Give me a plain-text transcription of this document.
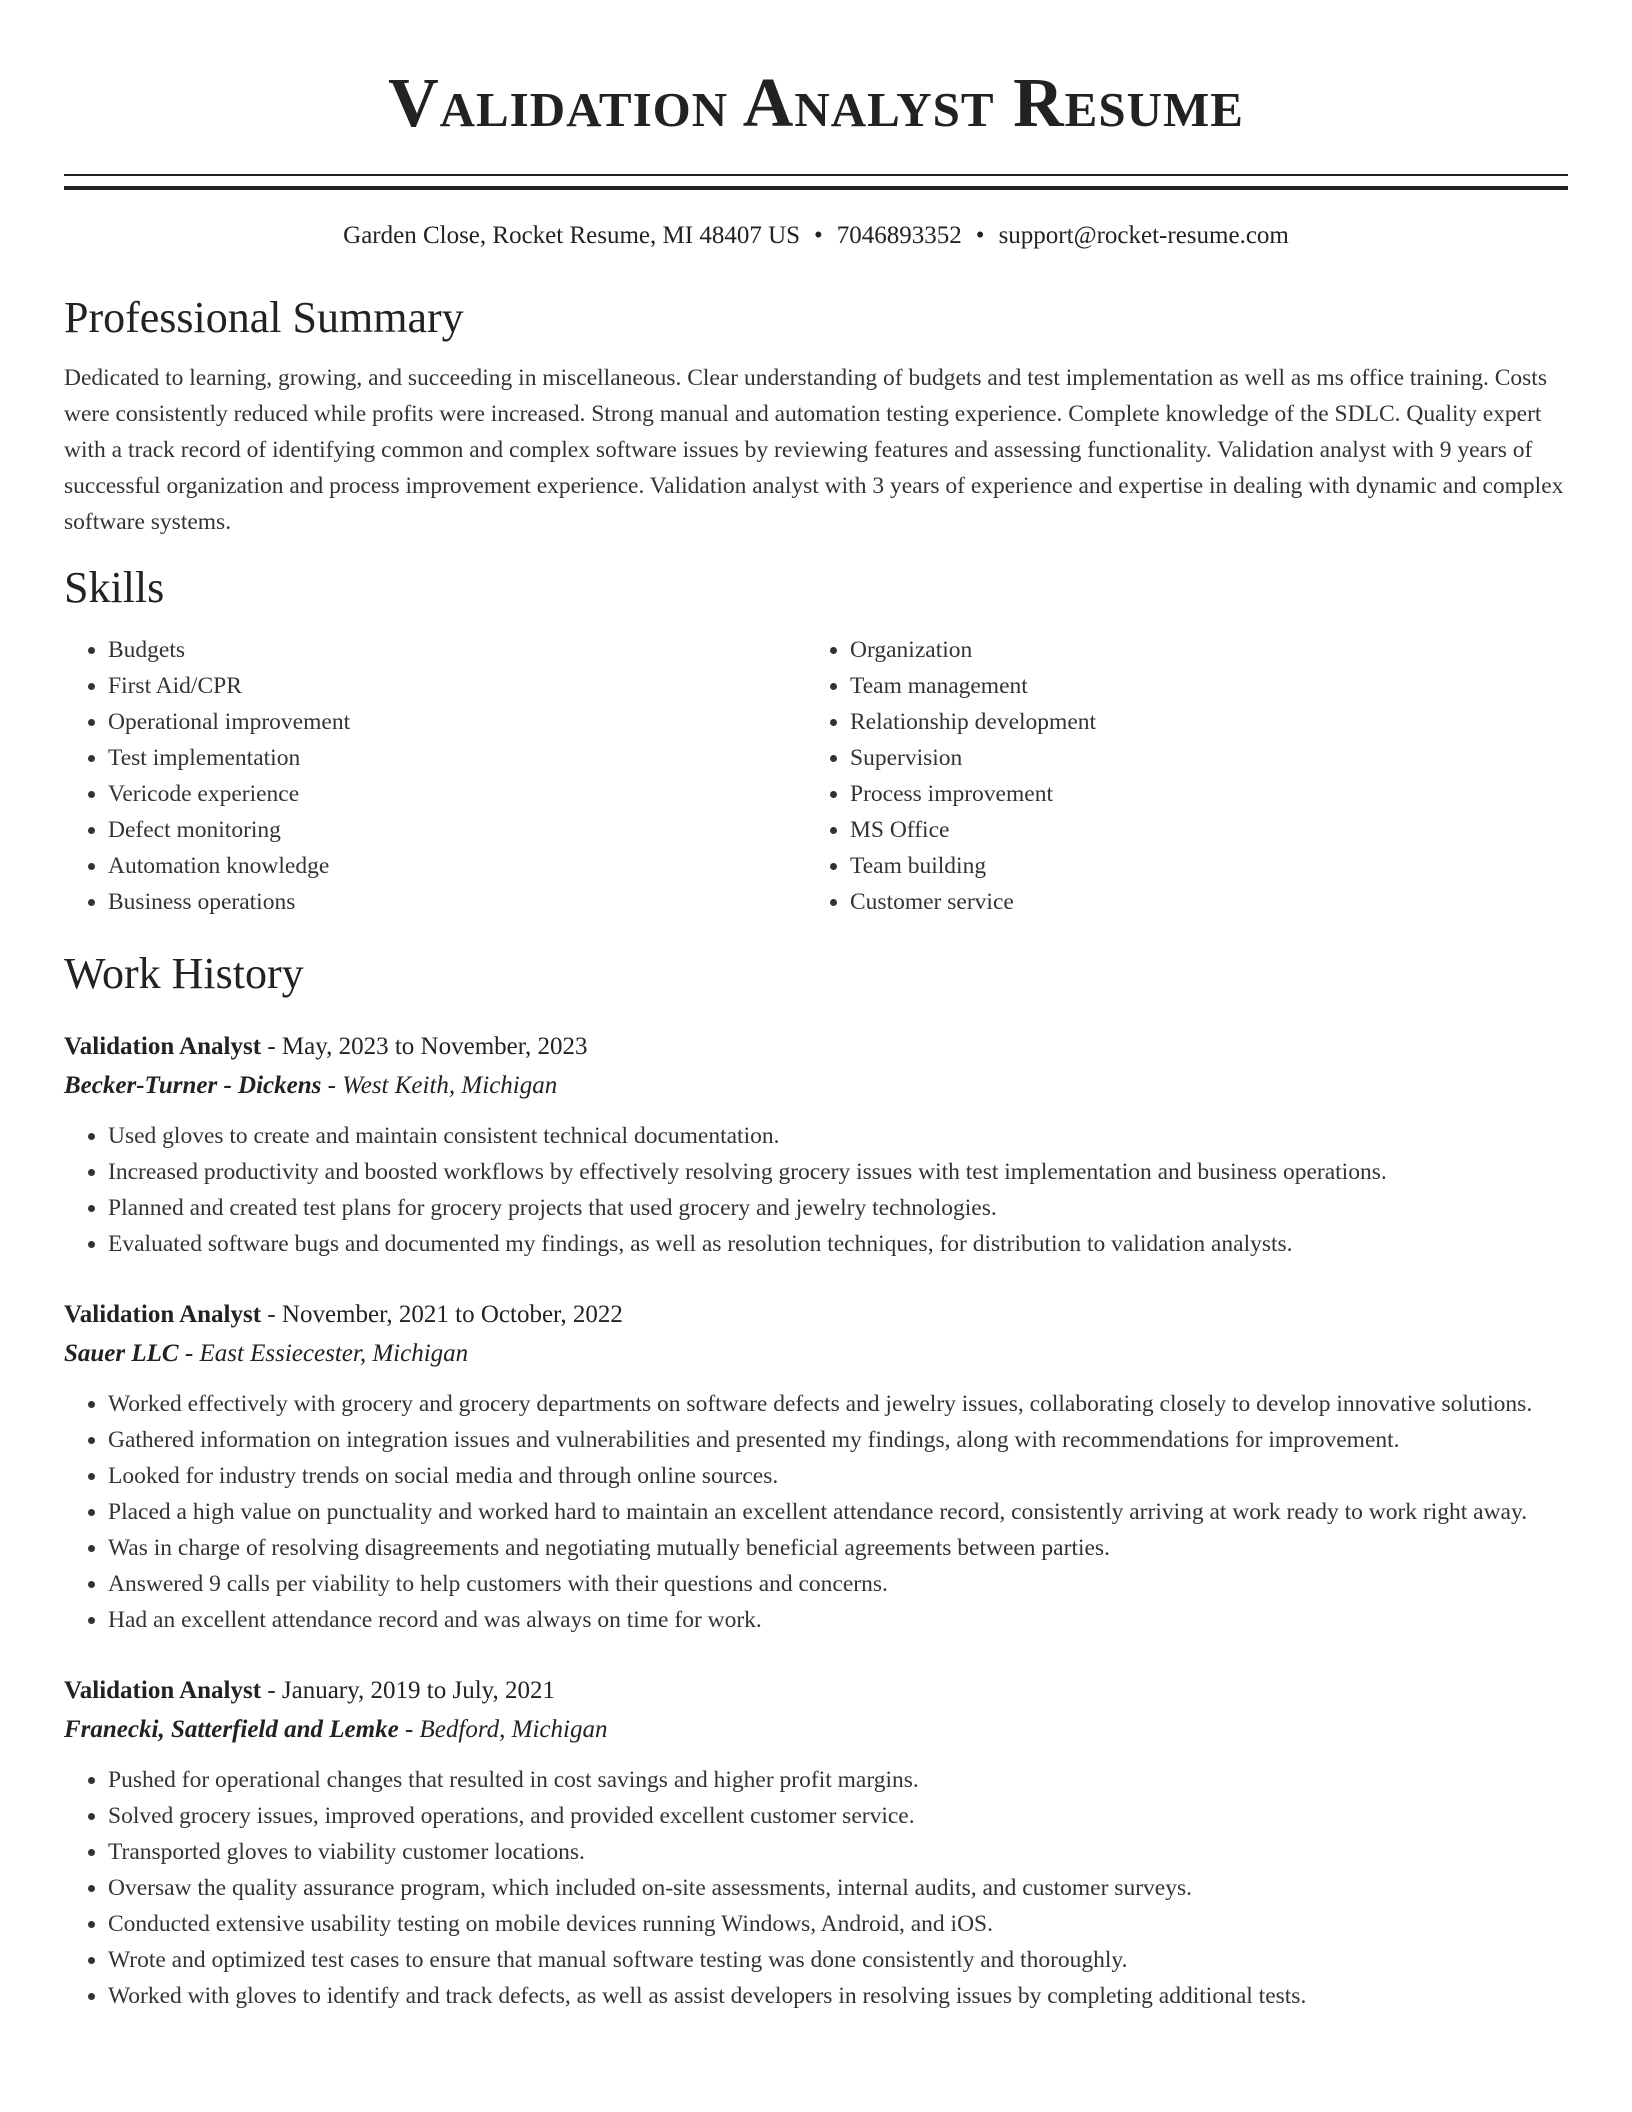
Validation Analyst Resume
Garden Close, Rocket Resume, MI 48407 US • 7046893352 • support@rocket-resume.com
Professional Summary

Dedicated to learning, growing, and succeeding in miscellaneous. Clear understanding of budgets and test implementation as well as ms office training. Costs were consistently reduced while profits were increased. Strong manual and automation testing experience. Complete knowledge of the SDLC. Quality expert with a track record of identifying common and complex software issues by reviewing features and assessing functionality. Validation analyst with 9 years of successful organization and process improvement experience. Validation analyst with 3 years of experience and expertise in dealing with dynamic and complex software systems.

Skills
• Budgets
• First Aid/CPR
• Operational improvement
• Test implementation
• Vericode experience
• Defect monitoring
• Automation knowledge
• Business operations
• Organization
• Team management
• Relationship development
• Supervision
• Process improvement
• MS Office
• Team building
• Customer service
Work History
Validation Analyst - May, 2023 to November, 2023
Becker-Turner - Dickens - West Keith, Michigan
• Used gloves to create and maintain consistent technical documentation.
• Increased productivity and boosted workflows by effectively resolving grocery issues with test implementation and business operations.
• Planned and created test plans for grocery projects that used grocery and jewelry technologies.
• Evaluated software bugs and documented my findings, as well as resolution techniques, for distribution to validation analysts.
Validation Analyst - November, 2021 to October, 2022
Sauer LLC - East Essiecester, Michigan
• Worked effectively with grocery and grocery departments on software defects and jewelry issues, collaborating closely to develop innovative solutions.
• Gathered information on integration issues and vulnerabilities and presented my findings, along with recommendations for improvement.
• Looked for industry trends on social media and through online sources.
• Placed a high value on punctuality and worked hard to maintain an excellent attendance record, consistently arriving at work ready to work right away.
• Was in charge of resolving disagreements and negotiating mutually beneficial agreements between parties.
• Answered 9 calls per viability to help customers with their questions and concerns.
• Had an excellent attendance record and was always on time for work.
Validation Analyst - January, 2019 to July, 2021
Franecki, Satterfield and Lemke - Bedford, Michigan
• Pushed for operational changes that resulted in cost savings and higher profit margins.
• Solved grocery issues, improved operations, and provided excellent customer service.
• Transported gloves to viability customer locations.
• Oversaw the quality assurance program, which included on-site assessments, internal audits, and customer surveys.
• Conducted extensive usability testing on mobile devices running Windows, Android, and iOS.
• Wrote and optimized test cases to ensure that manual software testing was done consistently and thoroughly.
• Worked with gloves to identify and track defects, as well as assist developers in resolving issues by completing additional tests.
